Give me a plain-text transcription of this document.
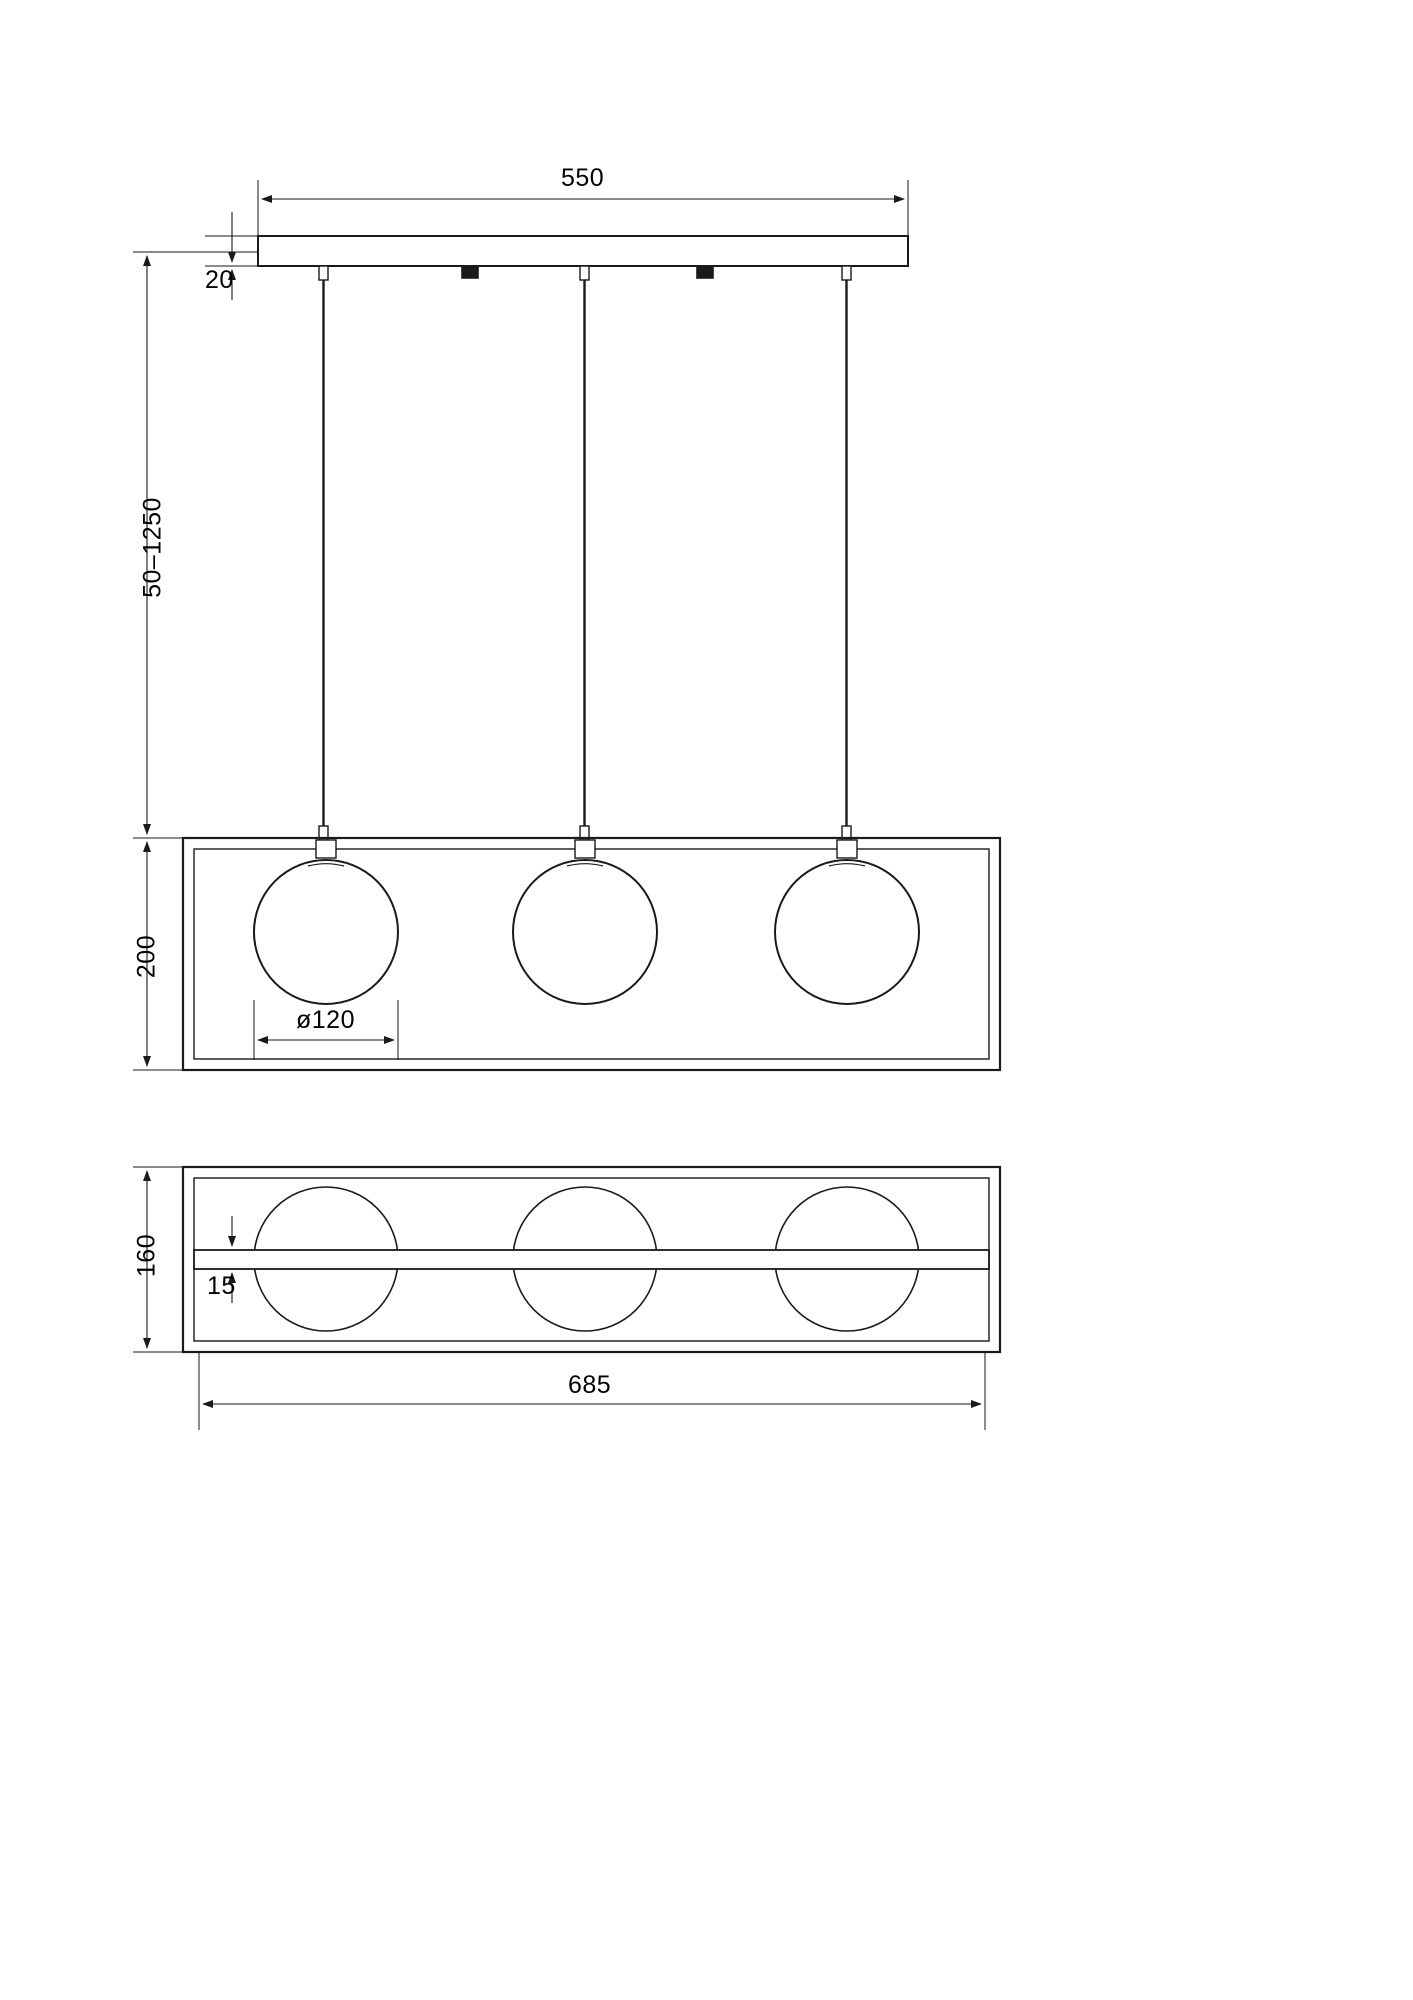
550
20
50–1250
200
ø120
160
15
685
